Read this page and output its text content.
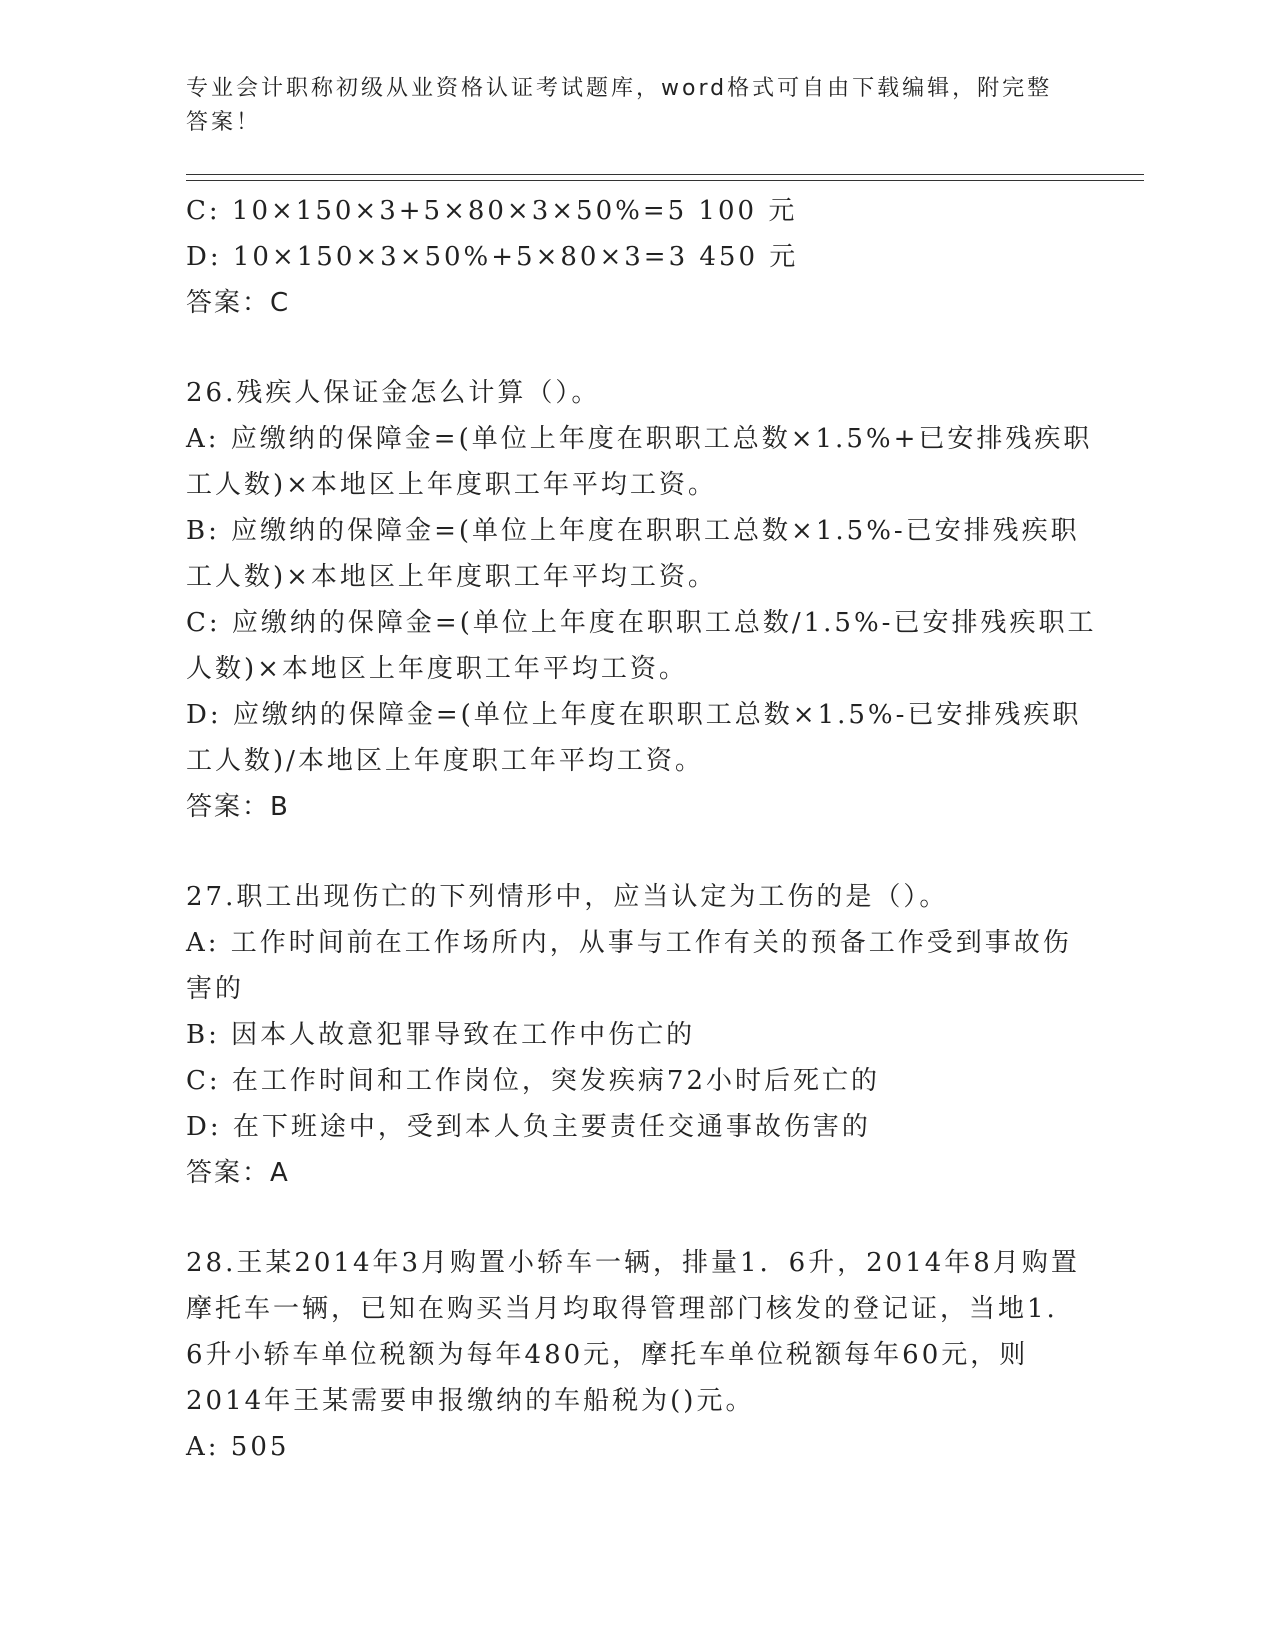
专业会计职称初级从业资格认证考试题库，word格式可自由下载编辑，附完整答案！
C: 10×150×3+5×80×3×50%=5 100 元
D: 10×150×3×50%+5×80×3=3 450 元
答案：C
26.残疾人保证金怎么计算（）。
A: 应缴纳的保障金=(单位上年度在职职工总数×1.5%+已安排残疾职
工人数)×本地区上年度职工年平均工资。
B: 应缴纳的保障金=(单位上年度在职职工总数×1.5%-已安排残疾职
工人数)×本地区上年度职工年平均工资。
C: 应缴纳的保障金=(单位上年度在职职工总数/1.5%-已安排残疾职工
人数)×本地区上年度职工年平均工资。
D: 应缴纳的保障金=(单位上年度在职职工总数×1.5%-已安排残疾职
工人数)/本地区上年度职工年平均工资。
答案：B
27.职工出现伤亡的下列情形中，应当认定为工伤的是（）。
A: 工作时间前在工作场所内，从事与工作有关的预备工作受到事故伤
害的
B: 因本人故意犯罪导致在工作中伤亡的
C: 在工作时间和工作岗位，突发疾病72小时后死亡的
D: 在下班途中，受到本人负主要责任交通事故伤害的
答案：A
28.王某2014年3月购置小轿车一辆，排量1．6升，2014年8月购置
摩托车一辆，已知在购买当月均取得管理部门核发的登记证，当地1.
6升小轿车单位税额为每年480元，摩托车单位税额每年60元，则
2014年王某需要申报缴纳的车船税为()元。
A: 505
